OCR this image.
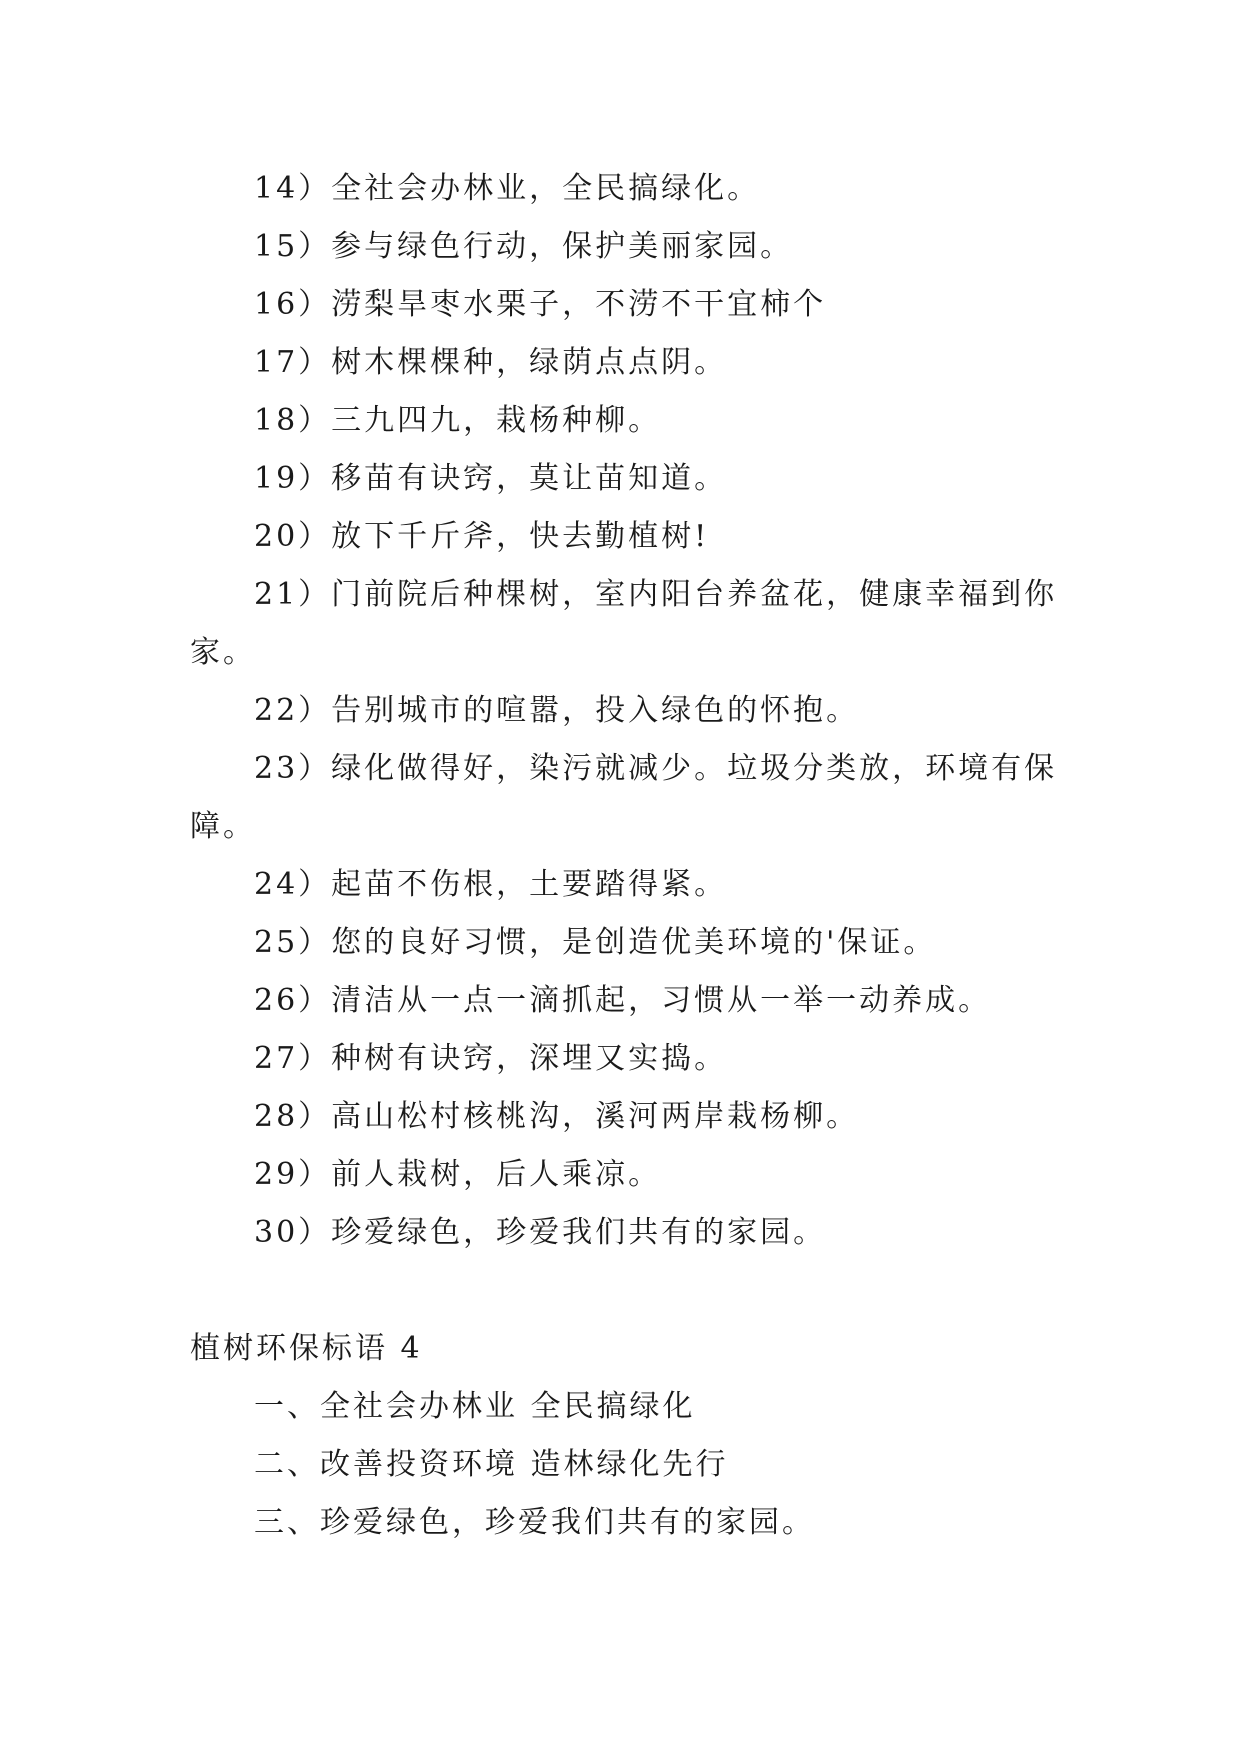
14）全社会办林业，全民搞绿化。

15）参与绿色行动，保护美丽家园。

16）涝梨旱枣水栗子，不涝不干宜柿个

17）树木棵棵种，绿荫点点阴。

18）三九四九，栽杨种柳。

19）移苗有诀窍，莫让苗知道。

20）放下千斤斧，快去勤植树!

21）门前院后种棵树，室内阳台养盆花，健康幸福到你

家。

22）告别城市的喧嚣，投入绿色的怀抱。

23）绿化做得好，染污就减少。垃圾分类放，环境有保

障。

24）起苗不伤根，土要踏得紧。

25）您的良好习惯，是创造优美环境的'保证。

26）清洁从一点一滴抓起，习惯从一举一动养成。

27）种树有诀窍，深埋又实捣。

28）高山松村核桃沟，溪河两岸栽杨柳。

29）前人栽树，后人乘凉。

30）珍爱绿色，珍爱我们共有的家园。

植树环保标语 4

一、全社会办林业 全民搞绿化

二、改善投资环境 造林绿化先行

三、珍爱绿色，珍爱我们共有的家园。
